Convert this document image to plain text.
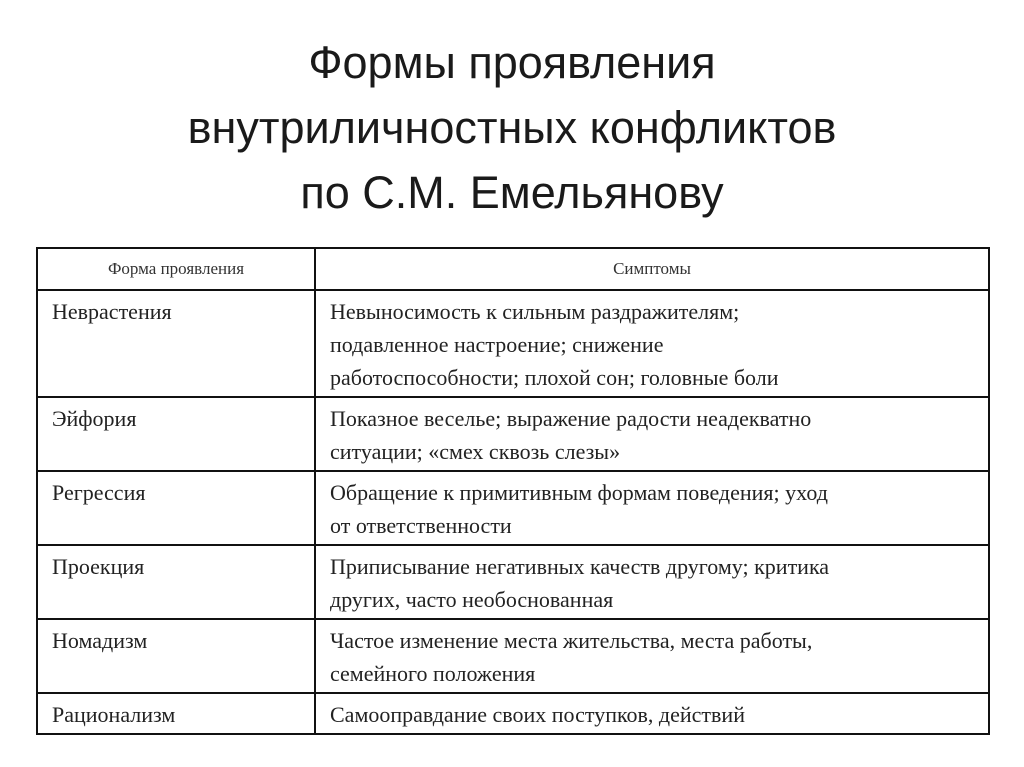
Формы проявления
внутриличностных конфликтов
по С.М. Емельянову
Форма проявления	Симптомы
Неврастения	Невыносимость к сильным раздражителям;
подавленное настроение; снижение
работоспособности; плохой сон; головные боли

Эйфория	Показное веселье; выражение радости неадекватно
ситуации; «смех сквозь слезы»

Регрессия	Обращение к примитивным формам поведения; уход
от ответственности

Проекция	Приписывание негативных качеств другому; критика
других, часто необоснованная

Номадизм	Частое изменение места жительства, места работы,
семейного положения

Рационализм	Самооправдание своих поступков, действий
